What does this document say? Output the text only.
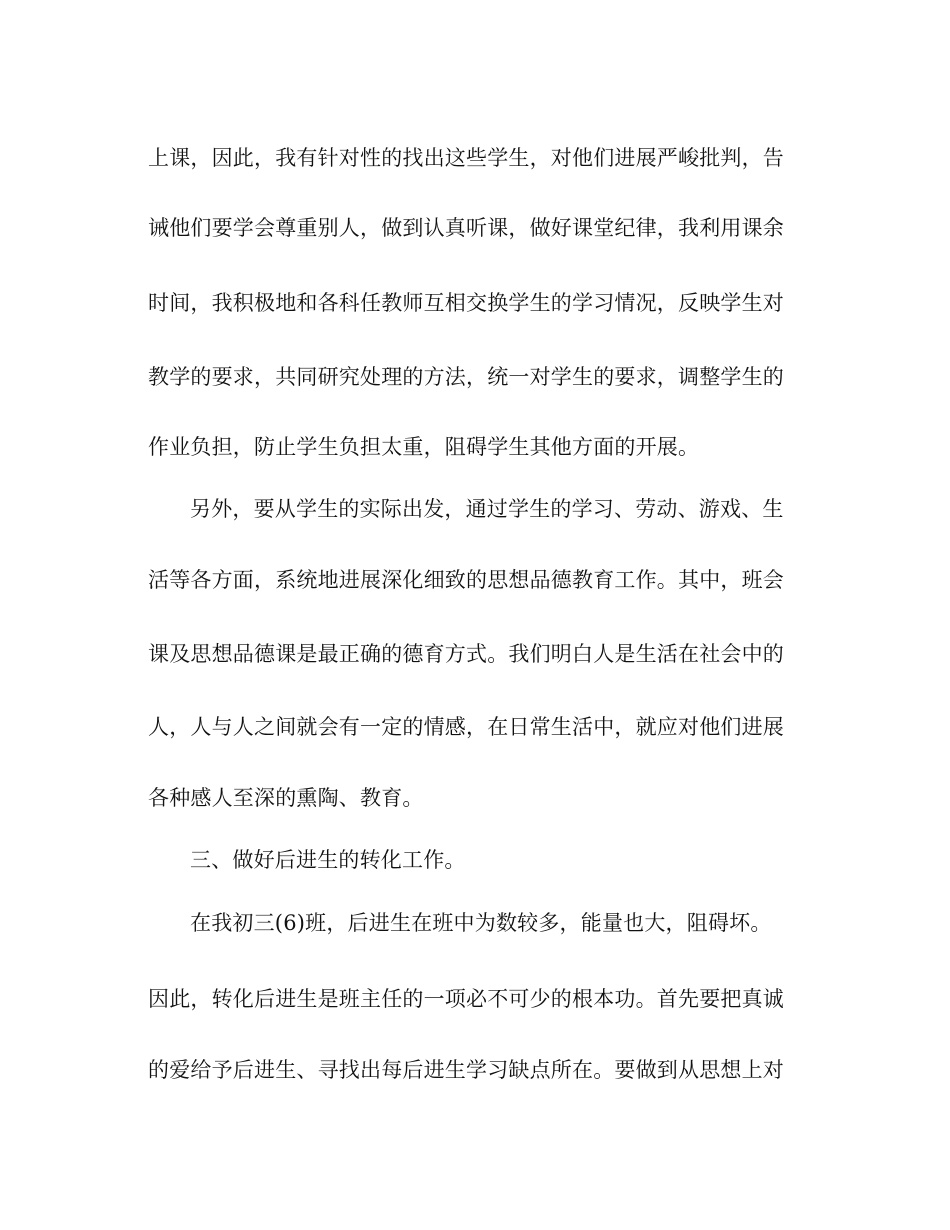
上课，因此，我有针对性的找出这些学生，对他们进展严峻批判，告
诫他们要学会尊重别人，做到认真听课，做好课堂纪律，我利用课余
时间，我积极地和各科任教师互相交换学生的学习情况，反映学生对
教学的要求，共同研究处理的方法，统一对学生的要求，调整学生的
作业负担，防止学生负担太重，阻碍学生其他方面的开展。
另外，要从学生的实际出发，通过学生的学习、劳动、游戏、生
活等各方面，系统地进展深化细致的思想品德教育工作。其中，班会
课及思想品德课是最正确的德育方式。我们明白人是生活在社会中的
人，人与人之间就会有一定的情感，在日常生活中，就应对他们进展
各种感人至深的熏陶、教育。
三、做好后进生的转化工作。
在我初三(6)班，后进生在班中为数较多，能量也大，阻碍坏。
因此，转化后进生是班主任的一项必不可少的根本功。首先要把真诚
的爱给予后进生、寻找出每后进生学习缺点所在。要做到从思想上对
